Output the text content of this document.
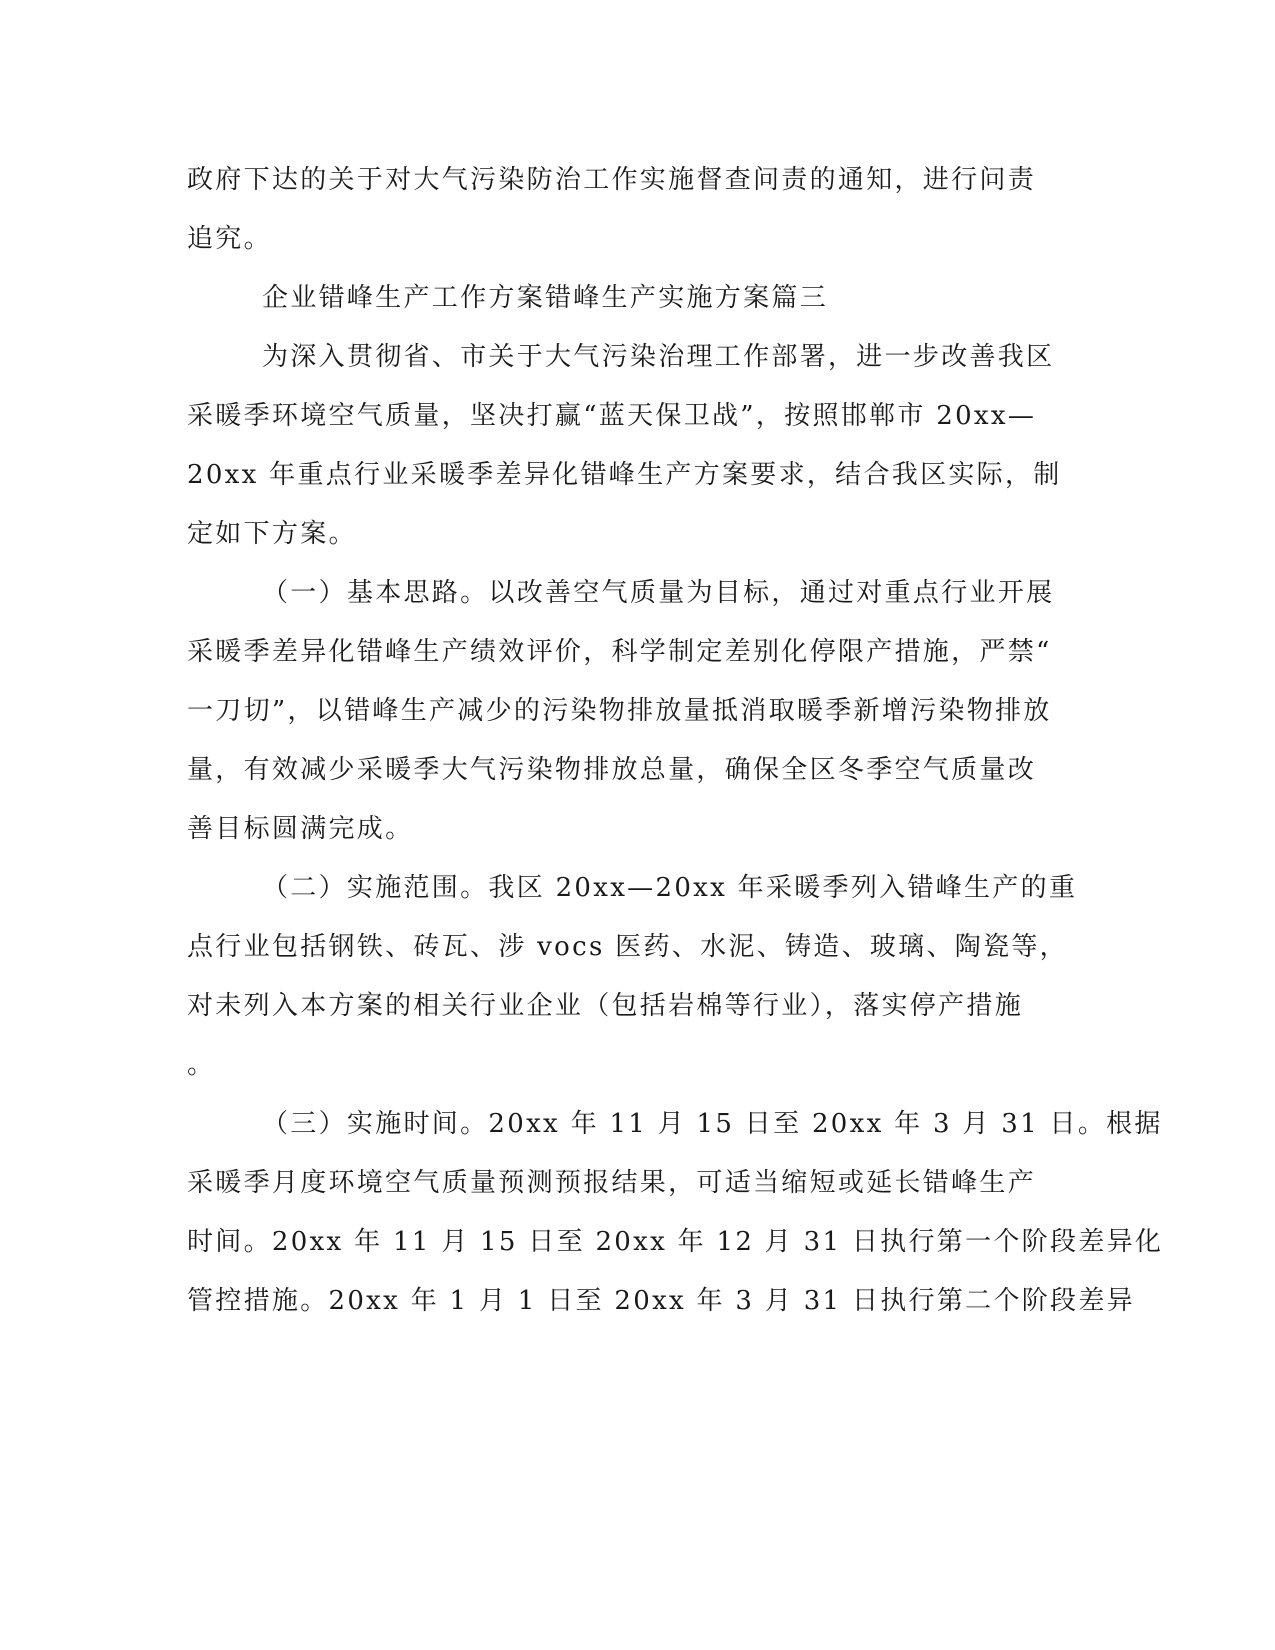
政府下达的关于对大气污染防治工作实施督查问责的通知，进行问责
追究。
企业错峰生产工作方案错峰生产实施方案篇三
为深入贯彻省、市关于大气污染治理工作部署，进一步改善我区
采暖季环境空气质量，坚决打赢“蓝天保卫战”，按照邯郸市 20xx—
20xx 年重点行业采暖季差异化错峰生产方案要求，结合我区实际，制
定如下方案。
（一）基本思路。以改善空气质量为目标，通过对重点行业开展
采暖季差异化错峰生产绩效评价，科学制定差别化停限产措施，严禁“
一刀切”，以错峰生产减少的污染物排放量抵消取暖季新增污染物排放
量，有效减少采暖季大气污染物排放总量，确保全区冬季空气质量改
善目标圆满完成。
（二）实施范围。我区 20xx—20xx 年采暖季列入错峰生产的重
点行业包括钢铁、砖瓦、涉 vocs 医药、水泥、铸造、玻璃、陶瓷等，
对未列入本方案的相关行业企业（包括岩棉等行业），落实停产措施
。
（三）实施时间。20xx 年 11 月 15 日至 20xx 年 3 月 31 日。根据
采暖季月度环境空气质量预测预报结果，可适当缩短或延长错峰生产
时间。20xx 年 11 月 15 日至 20xx 年 12 月 31 日执行第一个阶段差异化
管控措施。20xx 年 1 月 1 日至 20xx 年 3 月 31 日执行第二个阶段差异
